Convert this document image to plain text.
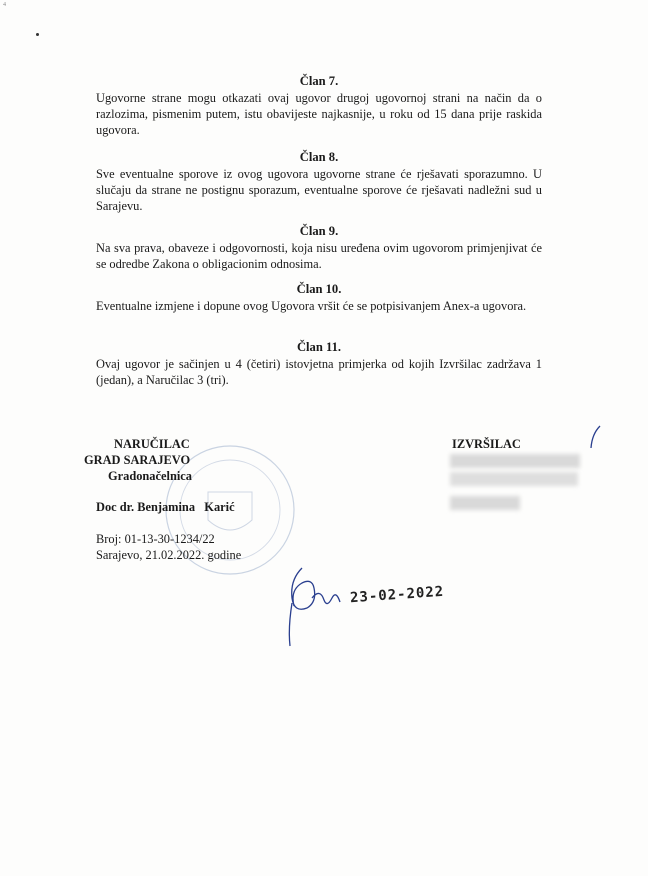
4
Član 7.
Ugovorne strane mogu otkazati ovaj ugovor drugoj ugovornoj strani na način da o razlozima, pismenim putem, istu obavijeste najkasnije, u roku od 15 dana prije raskida ugovora.
Član 8.
Sve eventualne sporove iz ovog ugovora ugovorne strane će rješavati sporazumno. U slučaju da strane ne postignu sporazum, eventualne sporove će rješavati nadležni sud u Sarajevu.
Član 9.
Na sva prava, obaveze i odgovornosti, koja nisu uređena ovim ugovorom primjenjivat će se odredbe Zakona o obligacionim odnosima.
Član 10.
Eventualne izmjene i dopune ovog Ugovora vršit će se potpisivanjem Anex-a ugovora.
Član 11.
Ovaj ugovor je sačinjen u 4 (četiri) istovjetna primjerka od kojih Izvršilac zadržava 1 (jedan), a Naručilac 3 (tri).
NARUČILAC
GRAD SARAJEVO
Gradonačelnica
Doc dr. Benjamina   Karić
Broj: 01-13-30-1234/22
Sarajevo, 21.02.2022. godine
IZVRŠILAC
23-02-2022
